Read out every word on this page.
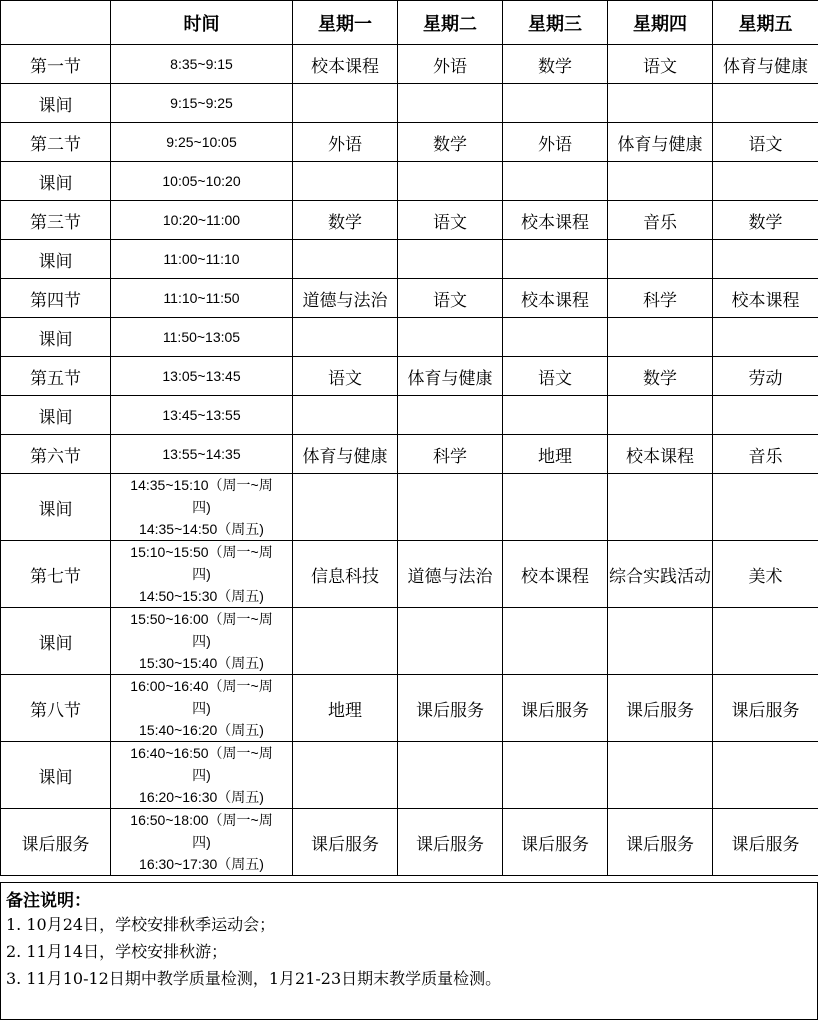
	时间	星期一	星期二	星期三	星期四	星期五
第一节	8:35~9:15	校本课程	外语	数学	语文	体育与健康
课间	9:15~9:25					

第二节	9:25~10:05	外语	数学	外语	体育与健康	语文
课间	10:05~10:20					

第三节	10:20~11:00	数学	语文	校本课程	音乐	数学
课间	11:00~11:10					

第四节	11:10~11:50	道德与法治	语文	校本课程	科学	校本课程
课间	11:50~13:05					

第五节	13:05~13:45	语文	体育与健康	语文	数学	劳动
课间	13:45~13:55					

第六节	13:55~14:35	体育与健康	科学	地理	校本课程	音乐
课间	14:35~15:10（周一~周
四)
14:35~14:50（周五)					

第七节	15:10~15:50（周一~周
四)
14:50~15:30（周五)	信息科技	道德与法治	校本课程	综合实践活动	美术
课间	15:50~16:00（周一~周
四)
15:30~15:40（周五)					

第八节	16:00~16:40（周一~周
四)
15:40~16:20（周五)	地理	课后服务	课后服务	课后服务	课后服务
课间	16:40~16:50（周一~周
四)
16:20~16:30（周五)					

课后服务	16:50~18:00（周一~周
四)
16:30~17:30（周五)	课后服务	课后服务	课后服务	课后服务	课后服务
备注说明：
1. 10月24日，学校安排秋季运动会；
2. 11月14日，学校安排秋游；
3. 11月10-12日期中教学质量检测，1月21-23日期末教学质量检测。
